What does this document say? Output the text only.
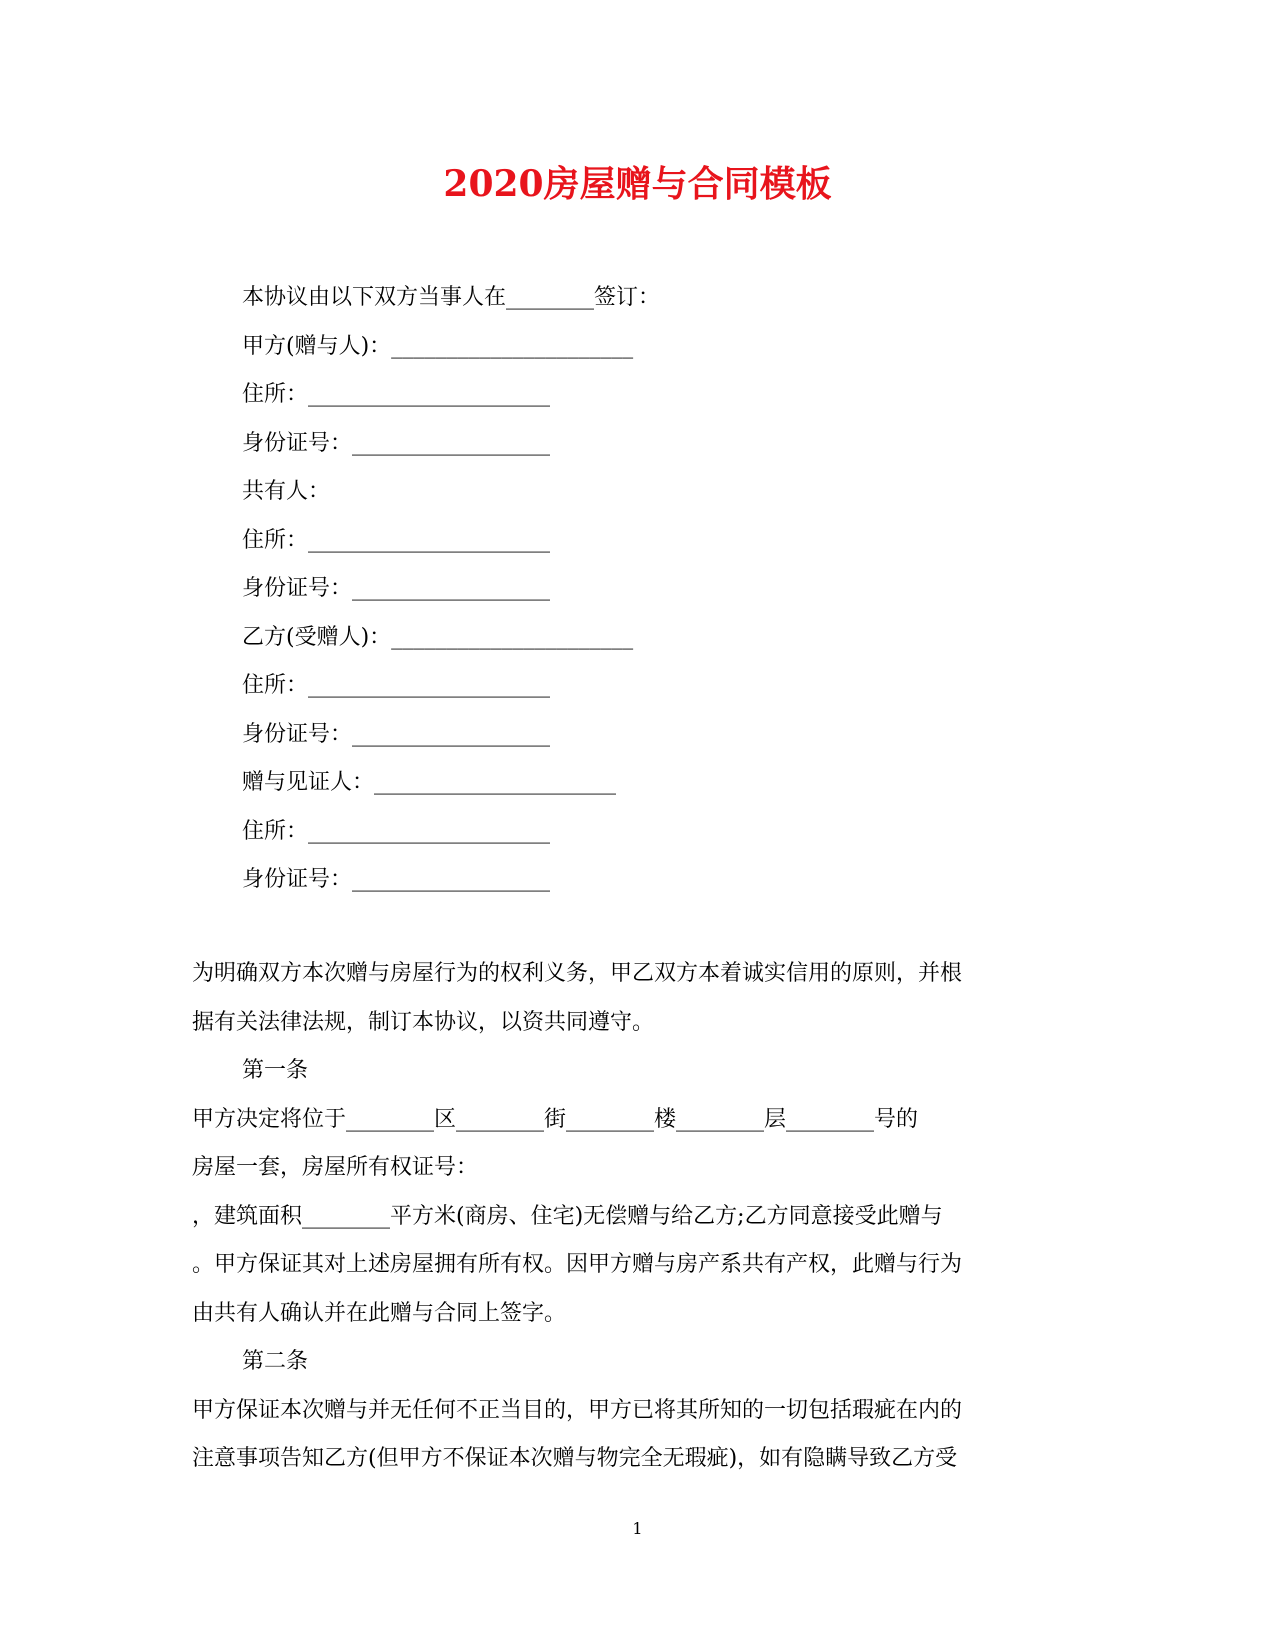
2020房屋赠与合同模板
本协议由以下双方当事人在________签订：
甲方(赠与人)：______________________
住所：______________________
身份证号：__________________
共有人：
住所：______________________
身份证号：__________________
乙方(受赠人)：______________________
住所：______________________
身份证号：__________________
赠与见证人：______________________
住所：______________________
身份证号：__________________
为明确双方本次赠与房屋行为的权利义务，甲乙双方本着诚实信用的原则，并根
据有关法律法规，制订本协议，以资共同遵守。
第一条
甲方决定将位于________区________街________楼________层________号的
房屋一套，房屋所有权证号：
，建筑面积________平方米(商房、住宅)无偿赠与给乙方;乙方同意接受此赠与
。甲方保证其对上述房屋拥有所有权。因甲方赠与房产系共有产权，此赠与行为
由共有人确认并在此赠与合同上签字。
第二条
甲方保证本次赠与并无任何不正当目的，甲方已将其所知的一切包括瑕疵在内的
注意事项告知乙方(但甲方不保证本次赠与物完全无瑕疵)，如有隐瞒导致乙方受
1
